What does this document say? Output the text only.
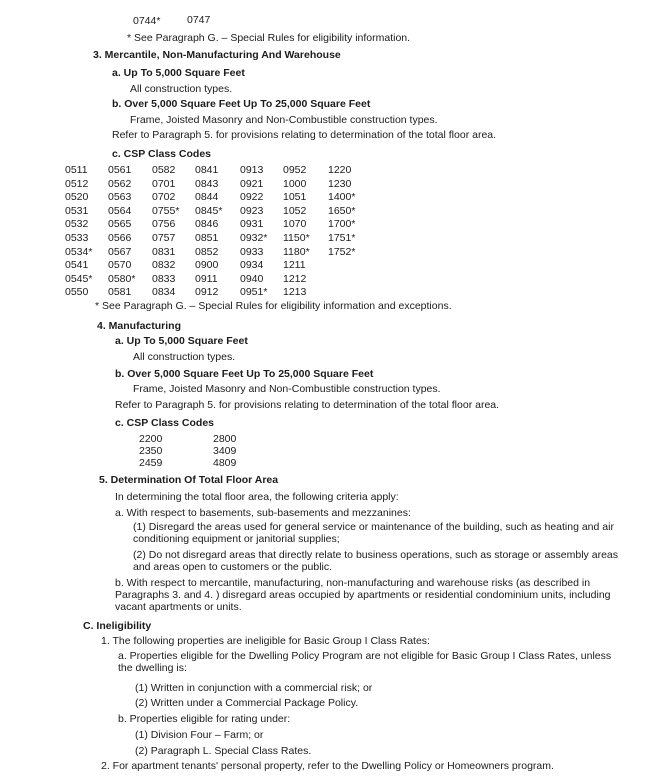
0744*	0747
* See Paragraph G. – Special Rules for eligibility information.
3. Mercantile, Non-Manufacturing And Warehouse
a. Up To 5,000 Square Feet
All construction types.
b. Over 5,000 Square Feet Up To 25,000 Square Feet
Frame, Joisted Masonry and Non-Combustible construction types.
Refer to Paragraph 5. for provisions relating to determination of the total floor area.
c. CSP Class Codes
0511
0512
0520
0531
0532
0533
0534*
0541
0545*
0550
0561
0562
0563
0564
0565
0566
0567
0570
0580*
0581
0582
0701
0702
0755*
0756
0757
0831
0832
0833
0834
0841
0843
0844
0845*
0846
0851
0852
0900
0911
0912
0913
0921
0922
0923
0931
0932*
0933
0934
0940
0951*
0952
1000
1051
1052
1070
1150*
1180*
1211
1212
1213
1220
1230
1400*
1650*
1700*
1751*
1752*
* See Paragraph G. – Special Rules for eligibility information and exceptions.
4. Manufacturing
a. Up To 5,000 Square Feet
All construction types.
b. Over 5,000 Square Feet Up To 25,000 Square Feet
Frame, Joisted Masonry and Non-Combustible construction types.
Refer to Paragraph 5. for provisions relating to determination of the total floor area.
c. CSP Class Codes
2200
2350
2459
2800
3409
4809
5. Determination Of Total Floor Area
In determining the total floor area, the following criteria apply:
a. With respect to basements, sub-basements and mezzanines:
(1) Disregard the areas used for general service or maintenance of the building, such as heating and air conditioning equipment or janitorial supplies;
(2) Do not disregard areas that directly relate to business operations, such as storage or assembly areas and areas open to customers or the public.
b. With respect to mercantile, manufacturing, non-manufacturing and warehouse risks (as described in Paragraphs 3. and 4. ) disregard areas occupied by apartments or residential condominium units, including vacant apartments or units.
C. Ineligibility
1. The following properties are ineligible for Basic Group I Class Rates:
a. Properties eligible for the Dwelling Policy Program are not eligible for Basic Group I Class Rates, unless the dwelling is:
(1) Written in conjunction with a commercial risk; or
(2) Written under a Commercial Package Policy.
b. Properties eligible for rating under:
(1) Division Four – Farm; or
(2) Paragraph L. Special Class Rates.
2. For apartment tenants' personal property, refer to the Dwelling Policy or Homeowners program.
